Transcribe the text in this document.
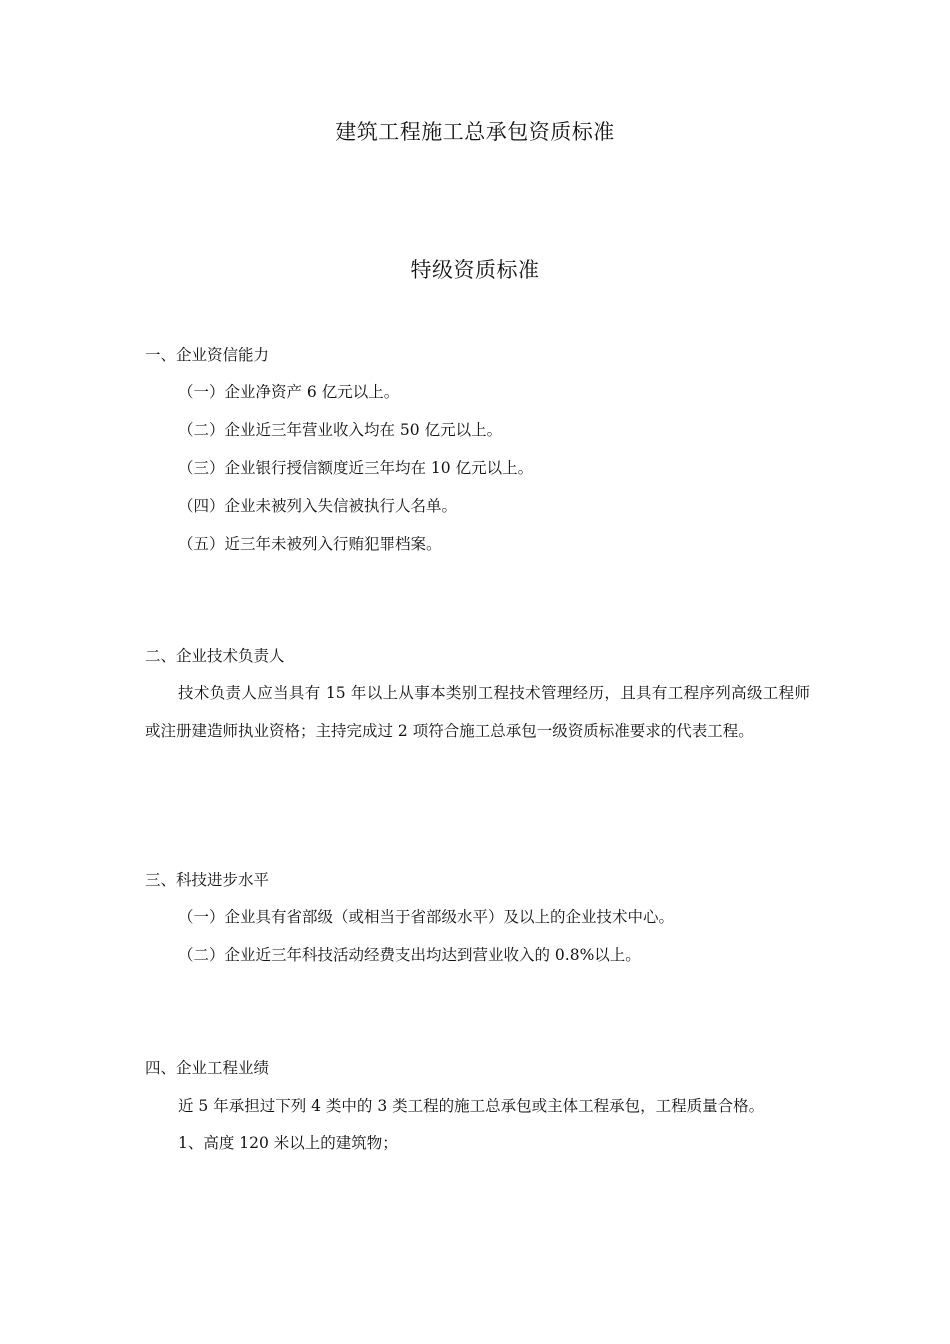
建筑工程施工总承包资质标准
特级资质标准
一、企业资信能力
（一）企业净资产 6 亿元以上。
（二）企业近三年营业收入均在 50 亿元以上。
（三）企业银行授信额度近三年均在 10 亿元以上。
（四）企业未被列入失信被执行人名单。
（五）近三年未被列入行贿犯罪档案。
二、企业技术负责人
技术负责人应当具有 15 年以上从事本类别工程技术管理经历，且具有工程序列高级工程师或注册建造师执业资格；主持完成过 2 项符合施工总承包一级资质标准要求的代表工程。
三、科技进步水平
（一）企业具有省部级（或相当于省部级水平）及以上的企业技术中心。
（二）企业近三年科技活动经费支出均达到营业收入的 0.8%以上。
四、企业工程业绩
近 5 年承担过下列 4 类中的 3 类工程的施工总承包或主体工程承包，工程质量合格。
1、高度 120 米以上的建筑物；
